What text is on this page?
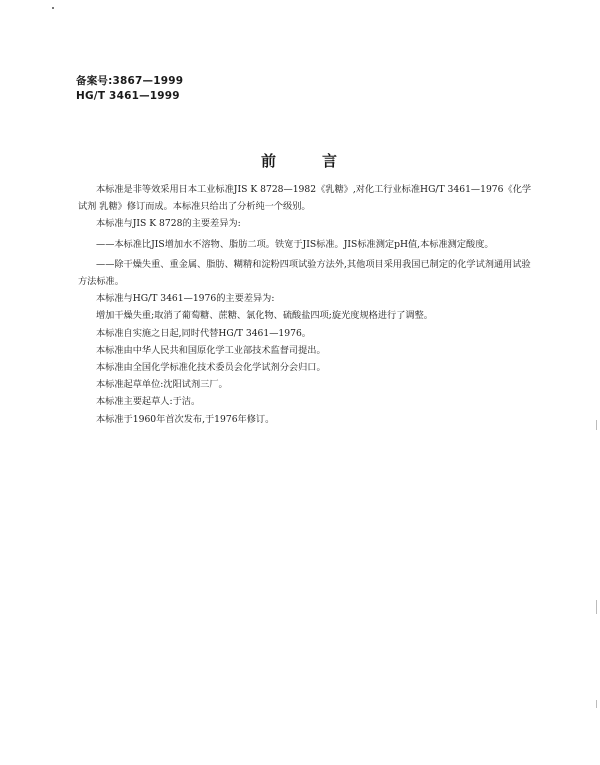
备案号:3867—1999
HG/T 3461—1999
前	言

本标准是非等效采用日本工业标准JIS K 8728—1982《乳糖》,对化工行业标准HG/T 3461—1976《化学试剂 乳糖》修订而成。本标准只给出了分析纯一个级别。

本标准与JIS K 8728的主要差异为:

——本标准比JIS增加水不溶物、脂肪二项。铁宽于JIS标准。JIS标准测定pH值,本标准测定酸度。

——除干燥失重、重金属、脂肪、糊精和淀粉四项试验方法外,其他项目采用我国已制定的化学试剂通用试验方法标准。

本标准与HG/T 3461—1976的主要差异为:

增加干燥失重;取消了葡萄糖、蔗糖、氯化物、硫酸盐四项;旋光度规格进行了调整。

本标准自实施之日起,同时代替HG/T 3461—1976。

本标准由中华人民共和国原化学工业部技术监督司提出。

本标准由全国化学标准化技术委员会化学试剂分会归口。

本标准起草单位:沈阳试剂三厂。

本标准主要起草人:于洁。

本标准于1960年首次发布,于1976年修订。
